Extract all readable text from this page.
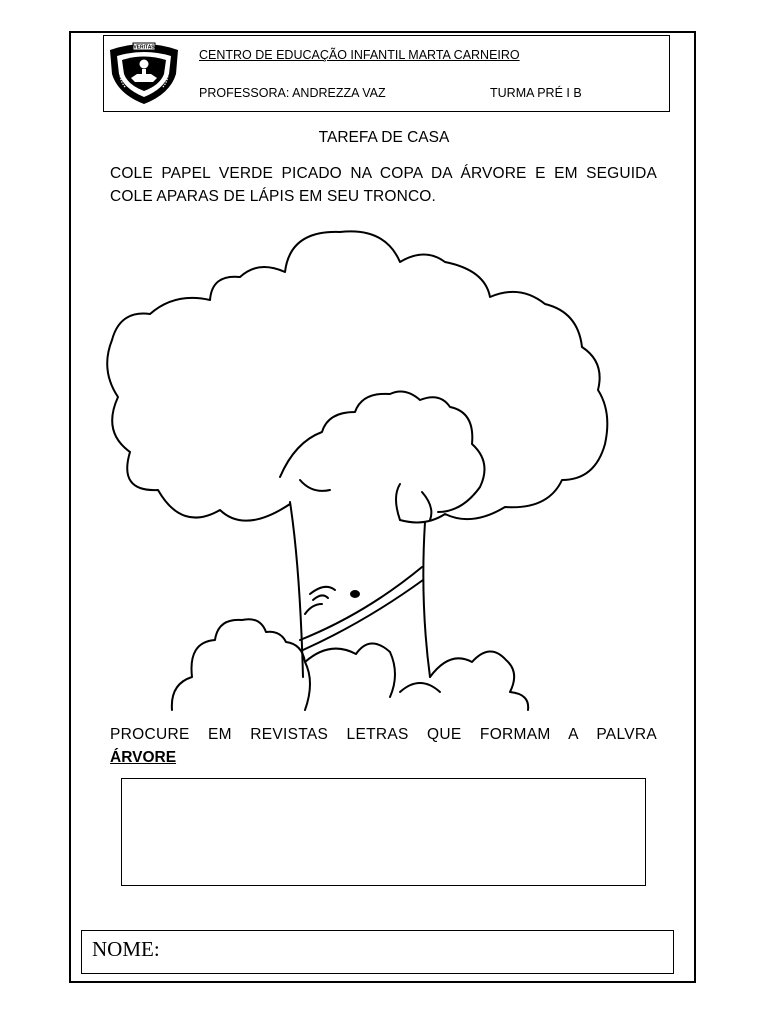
VERITAS
CENTRO DE EDUCAÇÃO INFANTIL MARTA CARNEIRO
PROFESSORA: ANDREZZA VAZ	TURMA PRÉ I B
TAREFA DE CASA
COLE PAPEL VERDE PICADO NA COPA DA ÁRVORE E EM SEGUIDA COLE APARAS DE LÁPIS EM SEU TRONCO.
PROCURE EM REVISTAS LETRAS QUE FORMAM A PALVRA
ÁRVORE
NOME:
